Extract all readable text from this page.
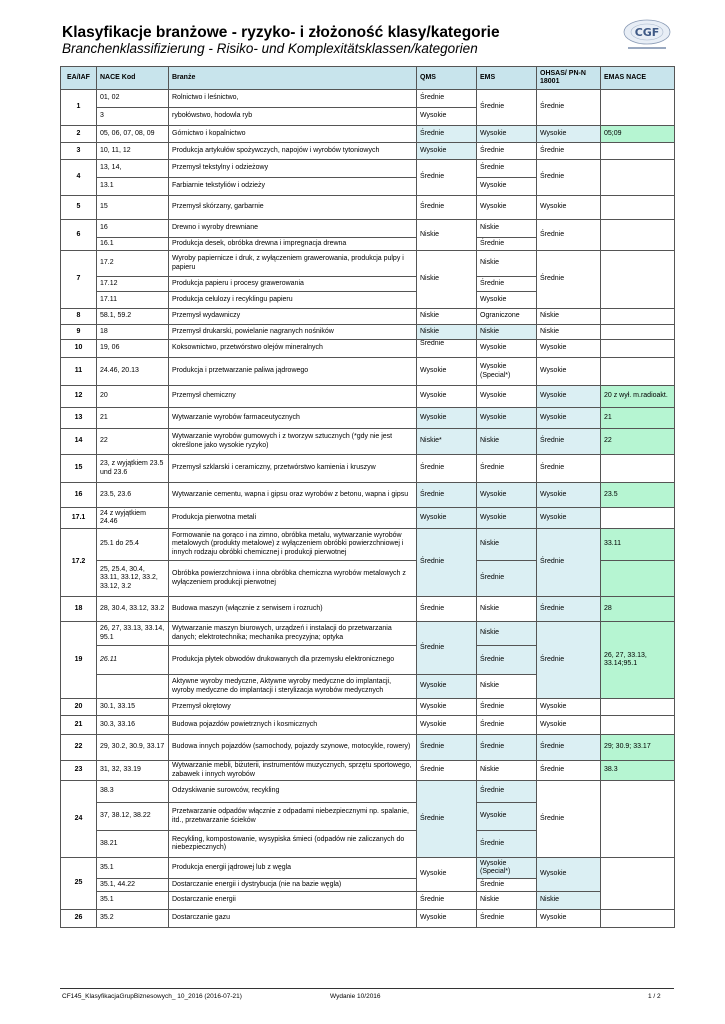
Klasyfikacje branżowe - ryzyko- i złożoność klasy/kategorie
Branchenklassifizierung - Risiko- und Komplexitätsklassen/kategorien
CGF
EA/IAF	NACE Kod	Branże	QMS	EMS	OHSAS/ PN-N 18001	EMAS NACE
1	01, 02	Rolnictwo i leśnictwo,	Średnie	Średnie	Średnie	
	3	rybołówstwo, hodowla ryb	Wysokie			
2	05, 06, 07, 08, 09	Górnictwo i kopalnictwo	Średnie	Wysokie	Wysokie	05;09
3	10, 11, 12	Produkcja artykułów spożywczych, napojów i wyrobów tytoniowych	Wysokie	Średnie	Średnie	
4	13, 14,	Przemysł tekstylny i odzieżowy	Średnie	Średnie	Średnie	
	13.1	Farbiarnie tekstyliów i odzieży		Wysokie		
5	15	Przemysł skórzany, garbarnie	Średnie	Wysokie	Wysokie	
6	16	Drewno i wyroby drewniane	Niskie	Niskie	Średnie	
	16.1	Produkcja desek, obróbka drewna i impregnacja drewna		Średnie		
7	17.2	Wyroby papiernicze i druk, z wyłączeniem grawerowania, produkcja pulpy i papieru	Niskie	Niskie	Średnie	
	17.12	Produkcja papieru i procesy grawerowania		Średnie		
	17.11	Produkcja celulozy i recyklingu papieru		Wysokie		
8	58.1, 59.2	Przemysł wydawniczy	Niskie	Ograniczone	Niskie	
9	18	Przemysł drukarski, powielanie nagranych nośników	Niskie	Niskie	Niskie	
10	19, 06	Koksownictwo, przetwórstwo olejów mineralnych	Średnie	Wysokie	Wysokie	
11	24.46, 20.13	Produkcja i przetwarzanie paliwa jądrowego	Wysokie	Wysokie (Special*)	Wysokie	
12	20	Przemysł chemiczny	Wysokie	Wysokie	Wysokie	20 z wył. m.radioakt.
13	21	Wytwarzanie wyrobów farmaceutycznych	Wysokie	Wysokie	Wysokie	21
14	22	Wytwarzanie wyrobów gumowych i z tworzyw sztucznych (*gdy nie jest określone jako wysokie ryzyko)	Niskie*	Niskie	Średnie	22
15	23, z wyjątkiem 23.5 und 23.6	Przemysł szklarski i ceramiczny, przetwórstwo kamienia i kruszyw	Średnie	Średnie	Średnie	
16	23.5, 23.6	Wytwarzanie cementu, wapna i gipsu oraz wyrobów z betonu, wapna i gipsu	Średnie	Wysokie	Wysokie	23.5
17.1	24 z wyjątkiem 24.46	Produkcja pierwotna metali	Wysokie	Wysokie	Wysokie	
17.2	25.1 do 25.4	Formowanie na gorąco i na zimno, obróbka metalu, wytwarzanie wyrobów metalowych (produkty metalowe) z wyłączeniem obróbki powierzchniowej i innych rodzaju obróbki chemicznej i produkcji pierwotnej	Średnie	Niskie	Średnie	33.11
	25, 25.4, 30.4, 33.11, 33.12, 33.2, 33.12, 3.2	Obróbka powierzchniowa i inna obróbka chemiczna wyrobów metalowych z wyłączeniem produkcji pierwotnej		Średnie		
18	28, 30.4, 33.12, 33.2	Budowa maszyn (włącznie z serwisem i rozruch)	Średnie	Niskie	Średnie	28
19	26, 27, 33.13, 33.14, 95.1	Wytwarzanie maszyn biurowych, urządzeń i instalacji do przetwarzania danych; elektrotechnika; mechanika precyzyjna; optyka	Średnie	Niskie	Średnie	26, 27, 33.13, 33.14;95.1
	26.11	Produkcja płytek obwodów drukowanych dla przemysłu elektronicznego		Średnie		
		Aktywne wyroby medyczne, Aktywne wyroby medyczne do implantacji, wyroby medyczne do implantacji i sterylizacja wyrobów medycznych	Wysokie	Niskie		
20	30.1, 33.15	Przemysł okrętowy	Wysokie	Średnie	Wysokie	
21	30.3, 33.16	Budowa pojazdów powietrznych i kosmicznych	Wysokie	Średnie	Wysokie	
22	29, 30.2, 30.9, 33.17	Budowa innych pojazdów (samochody, pojazdy szynowe, motocykle, rowery)	Średnie	Średnie	Średnie	29; 30.9; 33.17
23	31, 32, 33.19	Wytwarzanie mebli, biżuterii, instrumentów muzycznych, sprzętu sportowego, zabawek i innych wyrobów	Średnie	Niskie	Średnie	38.3
24	38.3	Odzyskiwanie surowców, recykling	Średnie	Średnie	Średnie	
	37, 38.12, 38.22	Przetwarzanie odpadów włącznie z odpadami niebezpiecznymi np. spalanie, itd., przetwarzanie ścieków		Wysokie		
	38.21	Recykling, kompostowanie, wysypiska śmieci (odpadów nie zaliczanych do niebezpiecznych)		Średnie		
25	35.1	Produkcja energii jądrowej lub z węgla	Wysokie	Wysokie (Special*)	Wysokie	
	35.1, 44.22	Dostarczanie energii i dystrybucja (nie na bazie węgla)		Średnie		
	35.1	Dostarczanie energii	Średnie	Niskie	Niskie	
26	35.2	Dostarczanie gazu	Wysokie	Średnie	Wysokie	
CF145_KlasyfikacjaGrupBiznesowych_ 10_2016 (2016-07-21)	Wydanie 10/2016	1 / 2
